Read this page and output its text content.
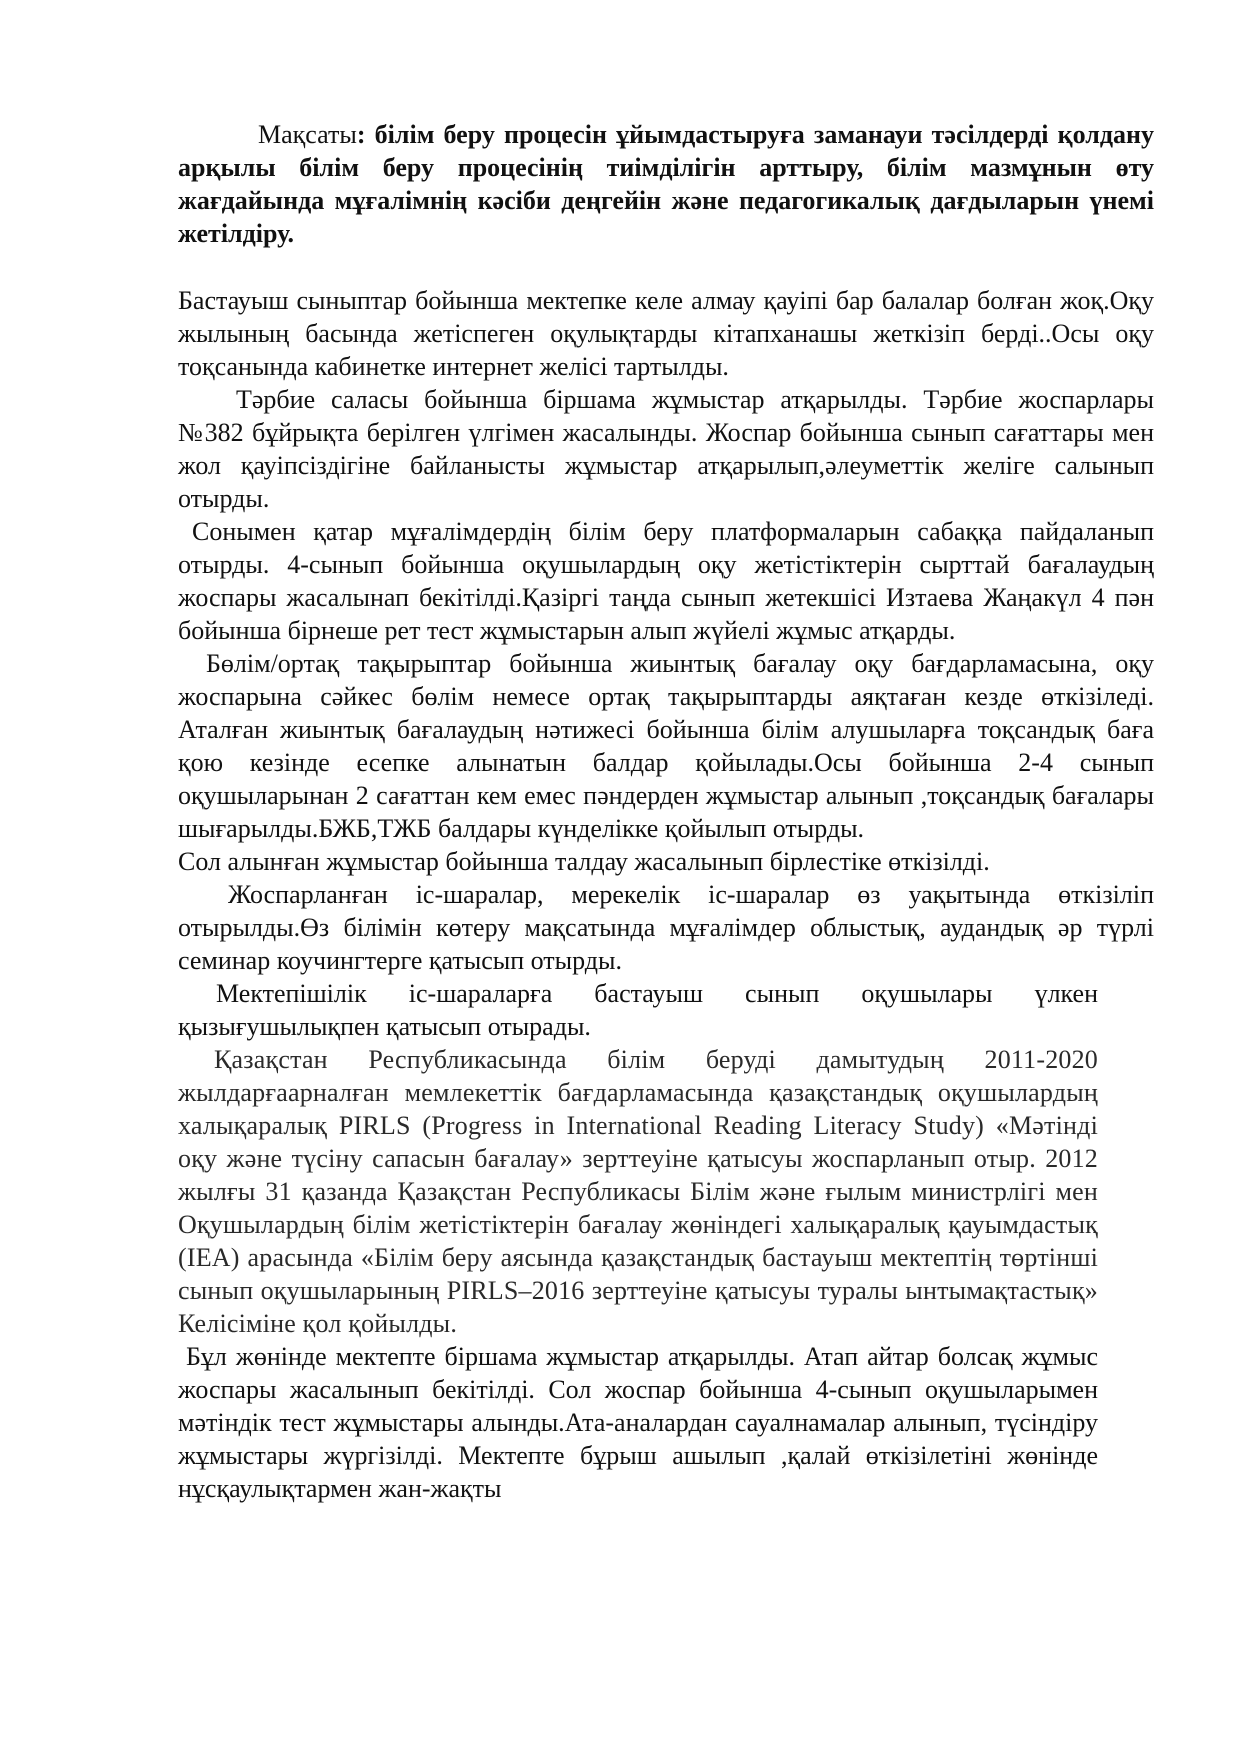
Мақсаты: білім беру процесін ұйымдастыруға заманауи тәсілдерді қолдану арқылы білім беру процесінің тиімділігін арттыру, білім мазмұнын өту жағдайында мұғалімнің кәсіби деңгейін және педагогикалық дағдыларын үнемі жетілдіру.

Бастауыш сыныптар бойынша мектепке келе алмау қауіпі бар балалар болған жоқ.Оқу жылының басында жетіспеген оқулықтарды кітапханашы жеткізіп берді..Осы оқу тоқсанында кабинетке интернет желісі тартылды.

Тәрбие саласы бойынша біршама жұмыстар атқарылды. Тәрбие жоспарлары №382 бұйрықта берілген үлгімен жасалынды. Жоспар бойынша сынып сағаттары мен жол қауіпсіздігіне байланысты жұмыстар атқарылып,әлеуметтік желіге салынып отырды.

Сонымен қатар мұғалімдердің білім беру платформаларын сабаққа пайдаланып отырды. 4-сынып бойынша оқушылардың оқу жетістіктерін сырттай бағалаудың жоспары жасалынап бекітілді.Қазіргі таңда сынып жетекшісі Изтаева Жаңакүл 4 пән бойынша бірнеше рет тест жұмыстарын алып жүйелі жұмыс атқарды.

Бөлім/ортақ тақырыптар бойынша жиынтық бағалау оқу бағдарламасына, оқу жоспарына сәйкес бөлім немесе ортақ тақырыптарды аяқтаған кезде өткізіледі. Аталған жиынтық бағалаудың нәтижесі бойынша білім алушыларға тоқсандық баға қою кезінде есепке алынатын балдар қойылады.Осы бойынша 2-4 сынып оқушыларынан 2 сағаттан кем емес пәндерден жұмыстар алынып ,тоқсандық бағалары шығарылды.БЖБ,ТЖБ балдары күнделікке қойылып отырды.

Сол алынған жұмыстар бойынша талдау жасалынып бірлестіке өткізілді.

Жоспарланған іс-шаралар, мерекелік іс-шаралар өз уақытында өткізіліп отырылды.Өз білімін көтеру мақсатында мұғалімдер облыстық, аудандық әр түрлі семинар коучингтерге қатысып отырды.

Мектепішілік іс-шараларға бастауыш сынып оқушылары үлкен қызығушылықпен қатысып отырады.

Қазақстан Республикасында білім беруді дамытудың 2011-2020 жылдарғаарналған мемлекеттік бағдарламасында қазақстандық оқушылардың халықаралық PIRLS (Progress in International Reading Literacy Study) «Мәтінді оқу және түсіну сапасын бағалау» зерттеуіне қатысуы жоспарланып отыр. 2012 жылғы 31 қазанда Қазақстан Республикасы Білім және ғылым министрлігі мен Оқушылардың білім жетістіктерін бағалау жөніндегі халықаралық қауымдастық (IEA) арасында «Білім беру аясында қазақстандық бастауыш мектептің төртінші сынып оқушыларының PIRLS–2016 зерттеуіне қатысуы туралы ынтымақтастық» Келісіміне қол қойылды.

Бұл жөнінде мектепте біршама жұмыстар атқарылды. Атап айтар болсақ жұмыс жоспары жасалынып бекітілді. Сол жоспар бойынша 4-сынып оқушыларымен мәтіндік тест жұмыстары алынды.Ата-аналардан сауалнамалар алынып, түсіндіру жұмыстары жүргізілді. Мектепте бұрыш ашылып ,қалай өткізілетіні жөнінде нұсқаулықтармен жан-жақты
